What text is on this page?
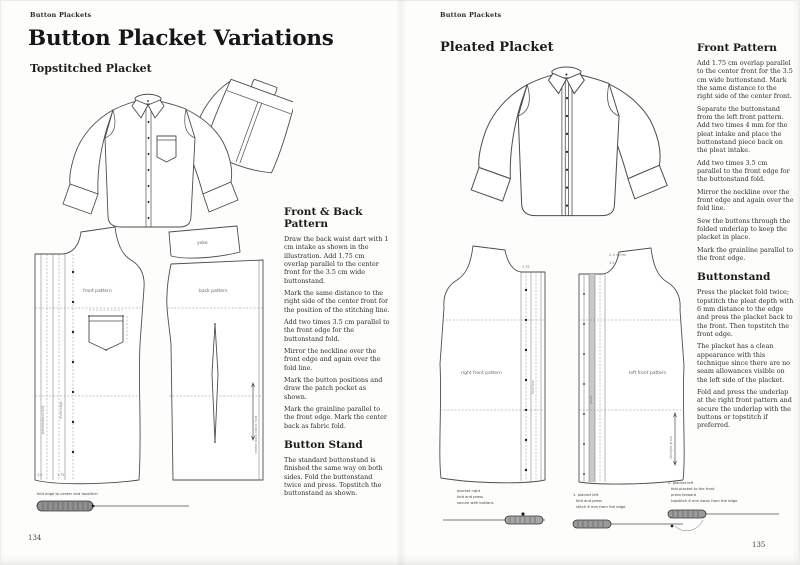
Button Plackets
Button Placket Variations
Topstitched Placket
front pattern
buttonstand fold	front edge
3.5	1.75
yoke
back pattern
center back fabric fold
fold edge to center and topstitch
Front & Back Pattern

Draw the back waist dart with 1 cm intake as shown in the illustration. Add 1.75 cm overlap parallel to the center front for the 3.5 cm wide buttonstand.

Mark the same distance to the right side of the center front for the position of the stitching line.

Add two times 3.5 cm parallel to the front edge for the buttonstand fold.

Mirror the neckline over the front edge and again over the fold line.

Mark the button positions and draw the patch pocket as shown.

Mark the grainline parallel to the front edge. Mark the center back as fabric fold.

Button Stand

The standard buttonstand is finished the same way on both sides. Fold the buttonstand twice and press. Topstitch the buttonstand as shown.

134
Button Plackets
Pleated Placket
right front pattern
fold line
1.75
left front pattern
pleat
2 × 4 mm
3.5
straight grain
placket right
fold and press
secure with buttons
1. placket left
fold and press
stitch 6 mm from the edge
2. placket left
fold placket to the front
press forward
topstitch 6 mm away from the edge
Front Pattern

Add 1.75 cm overlap parallel to the center front for the 3.5 cm wide buttonstand. Mark the same distance to the right side of the center front.

Separate the buttonstand from the left front pattern. Add two times 4 mm for the pleat intake and place the buttonstand piece back on the pleat intake.

Add two times 3.5 cm parallel to the front edge for the buttonstand fold.

Mirror the neckline over the front edge and again over the fold line.

Sew the buttons through the folded underlap to keep the placket in place.

Mark the grainline parallel to the front edge.

Buttonstand

Press the placket fold twice; topstitch the pleat depth with 6 mm distance to the edge and press the placket back to the front. Then topstitch the front edge.

The placket has a clean appearance with this technique since there are no seam allowances visible on the left side of the placket.

Fold and press the underlap at the right front pattern and secure the underlap with the buttons or topstitch if preferred.

135
